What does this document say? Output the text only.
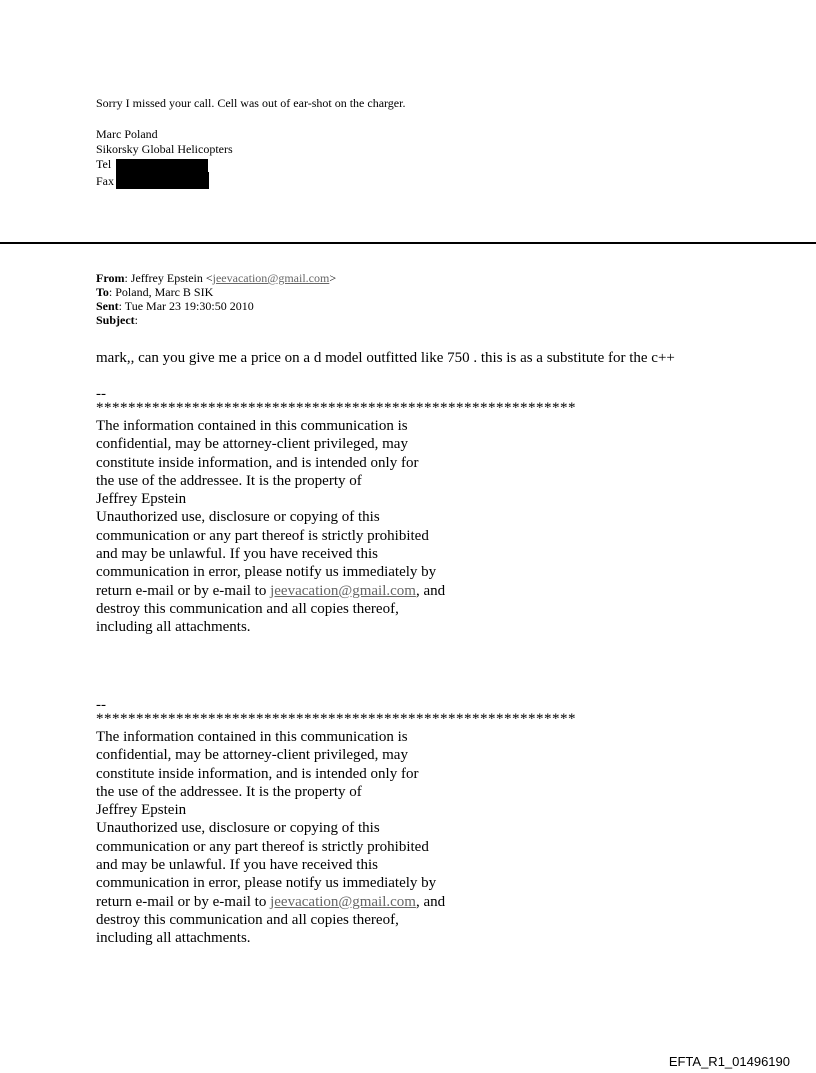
Sorry I missed your call. Cell was out of ear-shot on the charger.
Marc Poland
Sikorsky Global Helicopters
Tel
Fax
From: Jeffrey Epstein <jeevacation@gmail.com>
To: Poland, Marc B SIK
Sent: Tue Mar 23 19:30:50 2010
Subject:
mark,, can you give me a price on a d model outfitted like 750 . this is as a substitute for the c++
--
************************************************************
The information contained in this communication is
confidential, may be attorney-client privileged, may
constitute inside information, and is intended only for
the use of the addressee. It is the property of
Jeffrey Epstein
Unauthorized use, disclosure or copying of this
communication or any part thereof is strictly prohibited
and may be unlawful. If you have received this
communication in error, please notify us immediately by
return e-mail or by e-mail to jeevacation@gmail.com, and
destroy this communication and all copies thereof,
including all attachments.
--
************************************************************
The information contained in this communication is
confidential, may be attorney-client privileged, may
constitute inside information, and is intended only for
the use of the addressee. It is the property of
Jeffrey Epstein
Unauthorized use, disclosure or copying of this
communication or any part thereof is strictly prohibited
and may be unlawful. If you have received this
communication in error, please notify us immediately by
return e-mail or by e-mail to jeevacation@gmail.com, and
destroy this communication and all copies thereof,
including all attachments.
EFTA_R1_01496190
